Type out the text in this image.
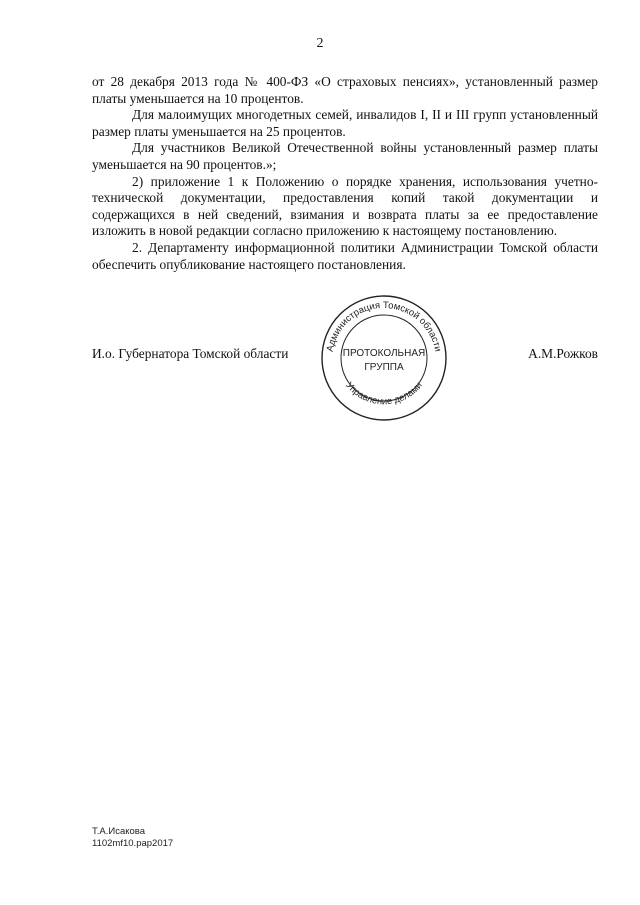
2

от 28 декабря 2013 года № 400-ФЗ «О страховых пенсиях», установленный размер платы уменьшается на 10 процентов.

Для малоимущих многодетных семей, инвалидов I, II и III групп установленный размер платы уменьшается на 25 процентов.

Для участников Великой Отечественной войны установленный размер платы уменьшается на 90 процентов.»;

2) приложение 1 к Положению о порядке хранения, использования учетно-технической документации, предоставления копий такой документации и содержащихся в ней сведений, взимания и возврата платы за ее предоставление изложить в новой редакции согласно приложению к настоящему постановлению.

2. Департаменту информационной политики Администрации Томской области обеспечить опубликование настоящего постановления.

И.о. Губернатора Томской области	А.М.Рожков
Администрация Томской области
Управление делами
ПРОТОКОЛЬНАЯ
ГРУППА
Т.А.Исакова
1102mf10.pap2017
